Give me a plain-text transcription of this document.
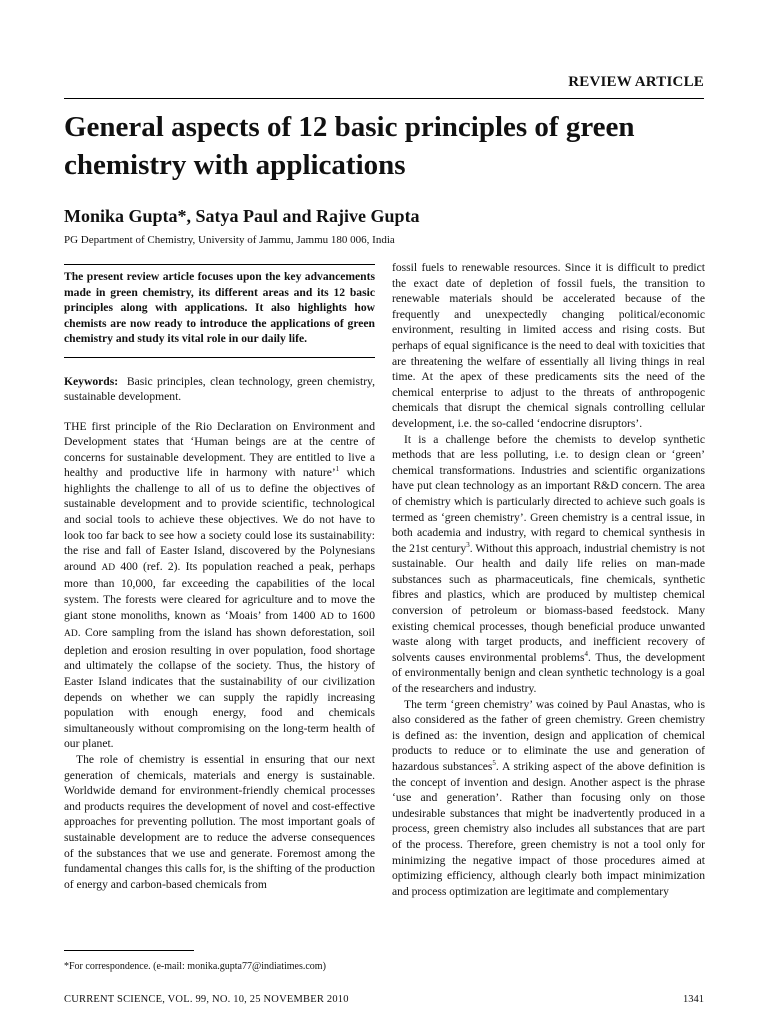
REVIEW ARTICLE
General aspects of 12 basic principles of green chemistry with applications
Monika Gupta*, Satya Paul and Rajive Gupta
PG Department of Chemistry, University of Jammu, Jammu 180 006, India

The present review article focuses upon the key advancements made in green chemistry, its different areas and its 12 basic principles along with applications. It also highlights how chemists are now ready to introduce the applications of green chemistry and study its vital role in our daily life.

Keywords: Basic principles, clean technology, green chemistry, sustainable development.

THE first principle of the Rio Declaration on Environment and Development states that ‘Human beings are at the centre of concerns for sustainable development. They are entitled to live a healthy and productive life in harmony with nature’$^1$ which highlights the challenge to all of us to define the objectives of sustainable development and to provide scientific, technological and social tools to achieve these objectives. We do not have to look too far back to see how a society could lose its sustainability: the rise and fall of Easter Island, discovered by the Polynesians around AD 400 (ref. 2). Its population reached a peak, perhaps more than 10,000, far exceeding the capabilities of the local system. The forests were cleared for agriculture and to move the giant stone monoliths, known as ‘Moais’ from 1400 AD to 1600 AD. Core sampling from the island has shown deforestation, soil depletion and erosion resulting in over population, food shortage and ultimately the collapse of the society. Thus, the history of Easter Island indicates that the sustainability of our civilization depends on whether we can supply the rapidly increasing population with enough energy, food and chemicals simultaneously without compromising on the long-term health of our planet.

The role of chemistry is essential in ensuring that our next generation of chemicals, materials and energy is sustainable. Worldwide demand for environment-friendly chemical processes and products requires the development of novel and cost-effective approaches for preventing pollution. The most important goals of sustainable development are to reduce the adverse consequences of the substances that we use and generate. Foremost among the fundamental changes this calls for, is the shifting of the production of energy and carbon-based chemicals from

fossil fuels to renewable resources. Since it is difficult to predict the exact date of depletion of fossil fuels, the transition to renewable materials should be accelerated because of the frequently and unexpectedly changing political/economic environment, resulting in limited access and rising costs. But perhaps of equal significance is the need to deal with toxicities that are threatening the welfare of essentially all living things in real time. At the apex of these predicaments sits the need of the chemical enterprise to adjust to the threats of anthropogenic chemicals that disrupt the chemical signals controlling cellular development, i.e. the so-called ‘endocrine disruptors’.

It is a challenge before the chemists to develop synthetic methods that are less polluting, i.e. to design clean or ‘green’ chemical transformations. Industries and scientific organizations have put clean technology as an important R&D concern. The area of chemistry which is particularly directed to achieve such goals is termed as ‘green chemistry’. Green chemistry is a central issue, in both academia and industry, with regard to chemical synthesis in the 21st century$^3$. Without this approach, industrial chemistry is not sustainable. Our health and daily life relies on man-made substances such as pharmaceuticals, fine chemicals, synthetic fibres and plastics, which are produced by multistep chemical conversion of petroleum or biomass-based feedstock. Many existing chemical processes, though beneficial produce unwanted waste along with target products, and inefficient recovery of solvents causes environmental problems$^4$. Thus, the development of environmentally benign and clean synthetic technology is a goal of the researchers and industry.

The term ‘green chemistry’ was coined by Paul Anastas, who is also considered as the father of green chemistry. Green chemistry is defined as: the invention, design and application of chemical products to reduce or to eliminate the use and generation of hazardous substances$^5$. A striking aspect of the above definition is the concept of invention and design. Another aspect is the phrase ‘use and generation’. Rather than focusing only on those undesirable substances that might be inadvertently produced in a process, green chemistry also includes all substances that are part of the process. Therefore, green chemistry is not a tool only for minimizing the negative impact of those procedures aimed at optimizing efficiency, although clearly both impact minimization and process optimization are legitimate and complementary

*For correspondence. (e-mail: monika.gupta77@indiatimes.com)
CURRENT SCIENCE, VOL. 99, NO. 10, 25 NOVEMBER 2010	1341
